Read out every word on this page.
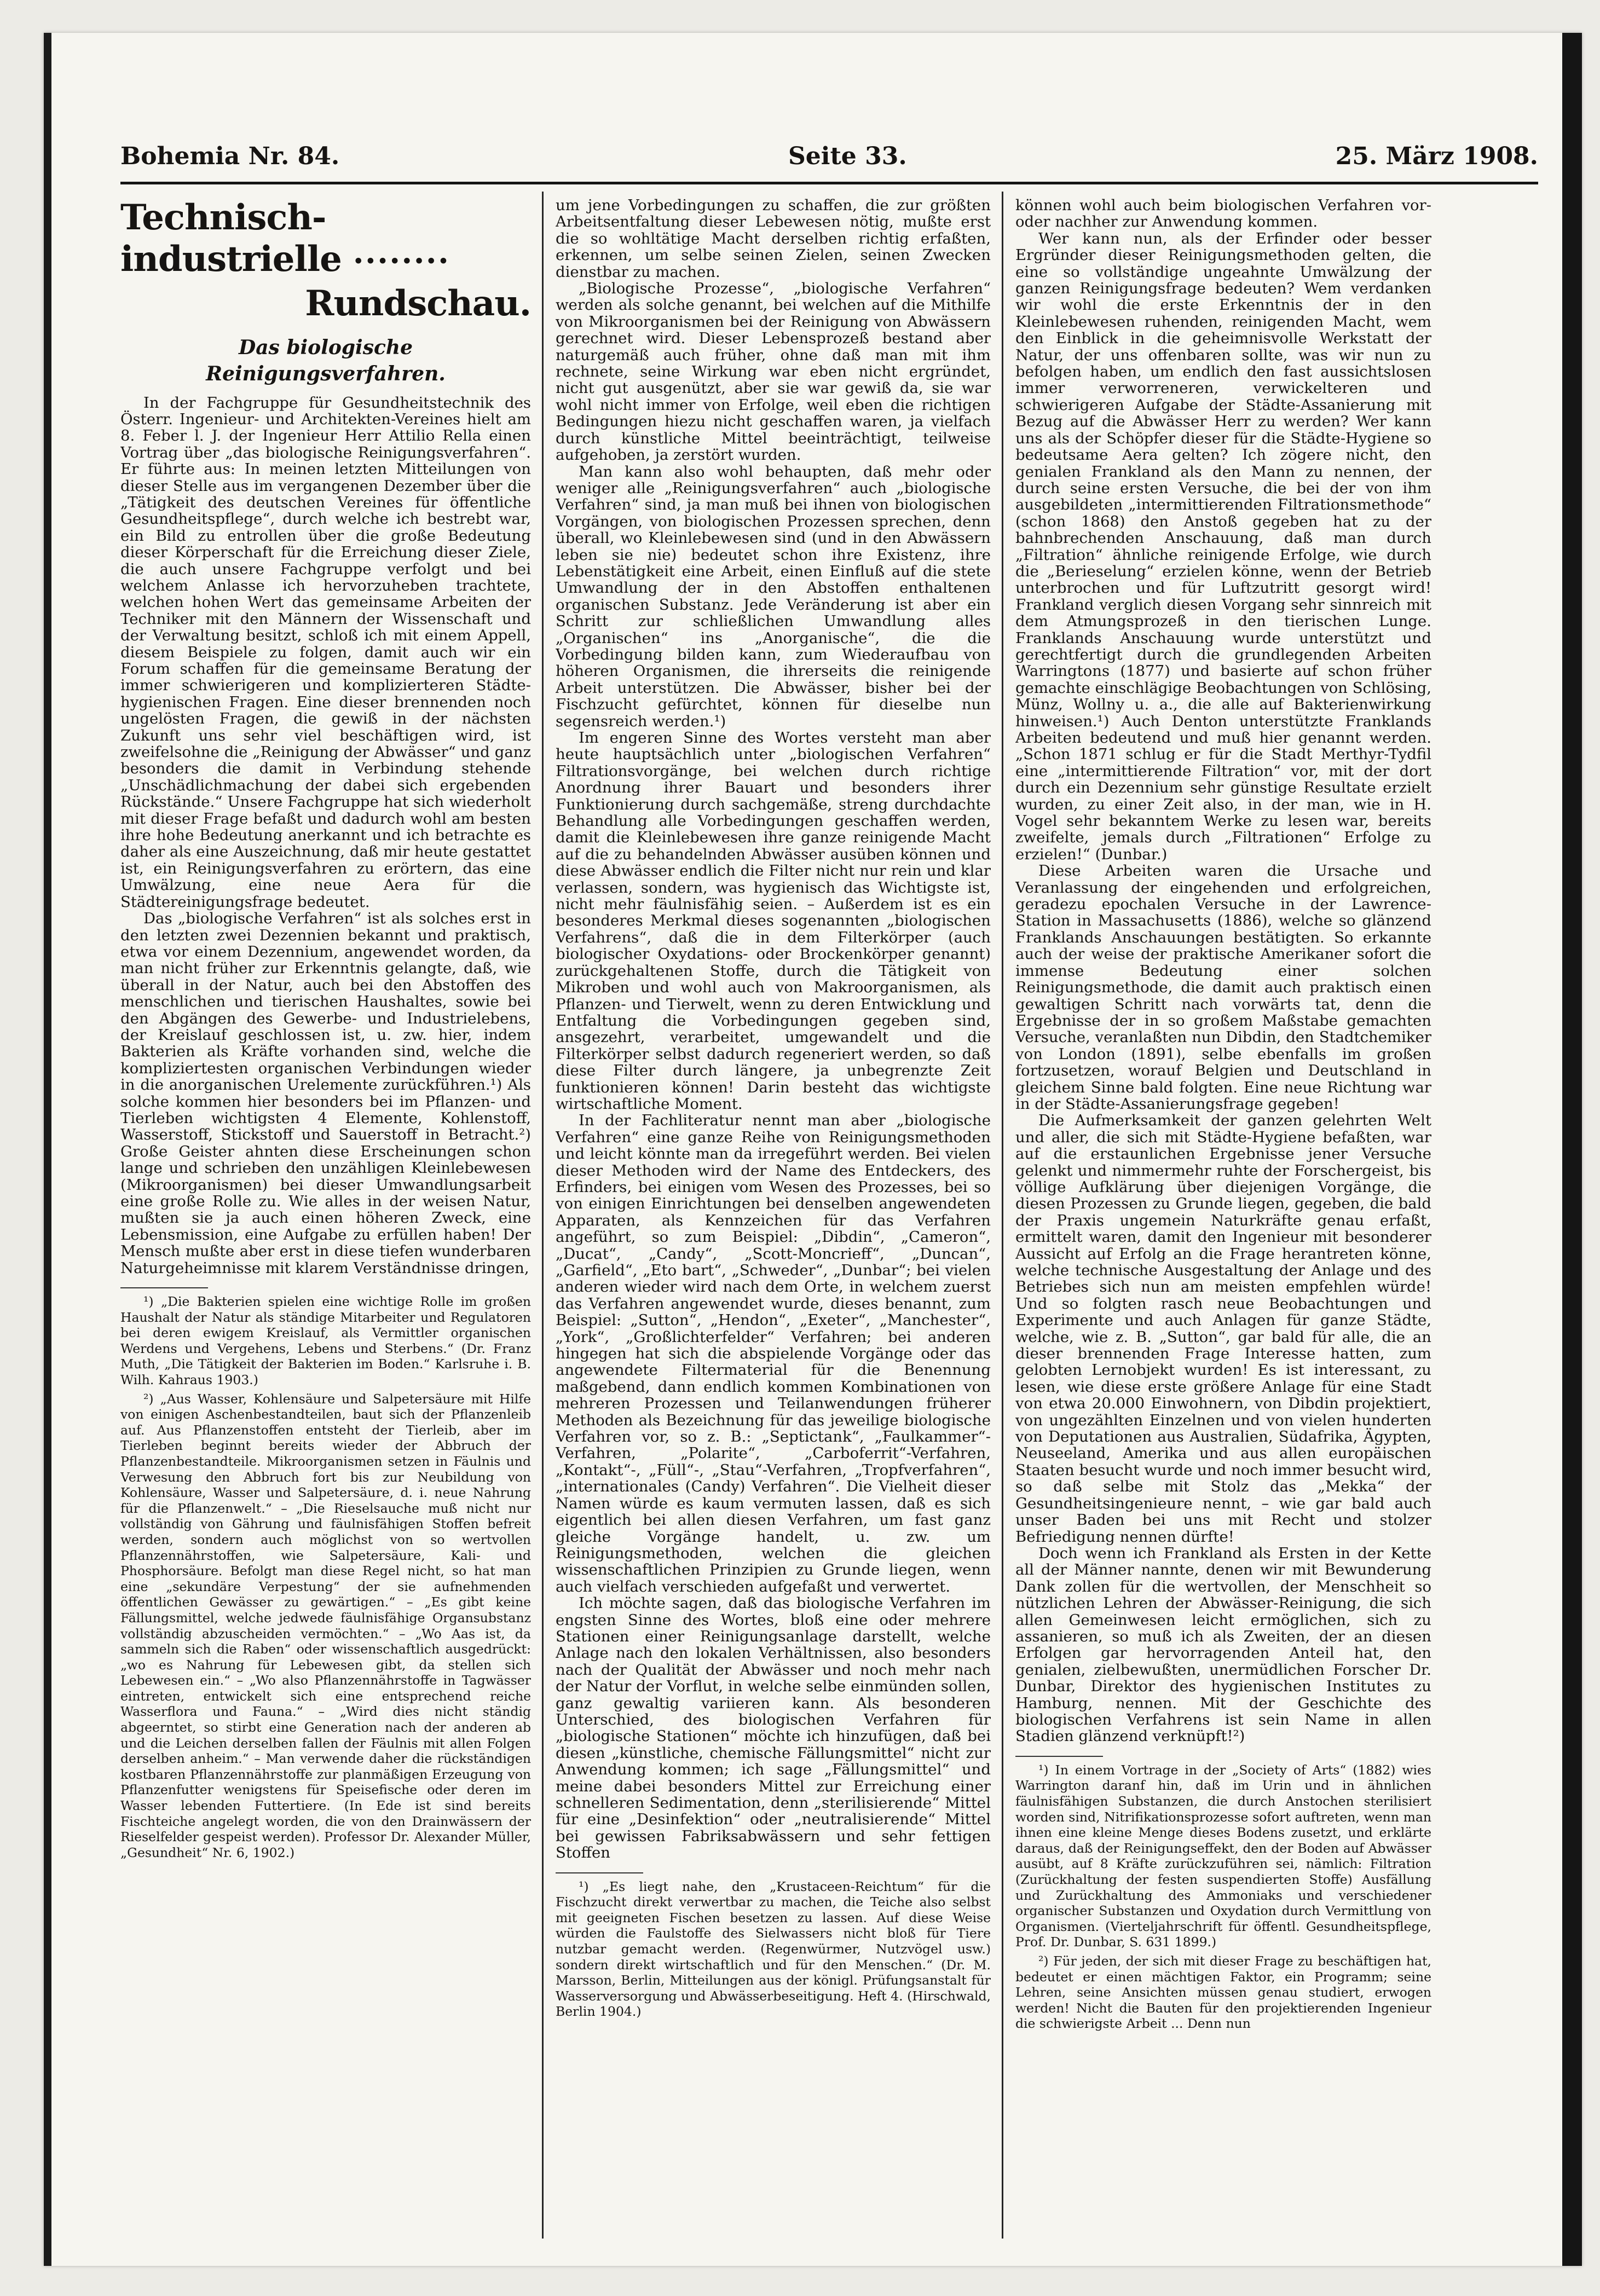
Bohemia Nr. 84.	Seite 33.	25. März 1908.
Technisch-industrielle ••••••••

Rundschau.
Das biologische Reinigungsverfahren.

In der Fachgruppe für Gesundheitstechnik des Österr. Ingenieur- und Architekten-Vereines hielt am 8. Feber l. J. der Ingenieur Herr Attilio Rella einen Vortrag über „das biologische Reinigungsverfahren“. Er führte aus: In meinen letzten Mitteilungen von dieser Stelle aus im vergangenen Dezember über die „Tätigkeit des deutschen Vereines für öffentliche Gesundheitspflege“, durch welche ich bestrebt war, ein Bild zu entrollen über die große Bedeutung dieser Körperschaft für die Erreichung dieser Ziele, die auch unsere Fachgruppe verfolgt und bei welchem Anlasse ich hervorzuheben trachtete, welchen hohen Wert das gemeinsame Arbeiten der Techniker mit den Männern der Wissenschaft und der Verwaltung besitzt, schloß ich mit einem Appell, diesem Beispiele zu folgen, damit auch wir ein Forum schaffen für die gemeinsame Beratung der immer schwierigeren und komplizierteren Städte-hygienischen Fragen. Eine dieser brennenden noch ungelösten Fragen, die gewiß in der nächsten Zukunft uns sehr viel beschäftigen wird, ist zweifelsohne die „Reinigung der Abwässer“ und ganz besonders die damit in Verbindung stehende „Unschädlichmachung der dabei sich ergebenden Rückstände.“ Unsere Fachgruppe hat sich wiederholt mit dieser Frage befaßt und dadurch wohl am besten ihre hohe Bedeutung anerkannt und ich betrachte es daher als eine Auszeichnung, daß mir heute gestattet ist, ein Reinigungsverfahren zu erörtern, das eine Umwälzung, eine neue Aera für die Städtereinigungsfrage bedeutet.

Das „biologische Verfahren“ ist als solches erst in den letzten zwei Dezennien bekannt und praktisch, etwa vor einem Dezennium, angewendet worden, da man nicht früher zur Erkenntnis gelangte, daß, wie überall in der Natur, auch bei den Abstoffen des menschlichen und tierischen Haushaltes, sowie bei den Abgängen des Gewerbe- und Industrielebens, der Kreislauf geschlossen ist, u. zw. hier, indem Bakterien als Kräfte vorhanden sind, welche die kompliziertesten organischen Verbindungen wieder in die anorganischen Urelemente zurückführen.¹) Als solche kommen hier besonders bei im Pflanzen- und Tierleben wichtigsten 4 Elemente, Kohlenstoff, Wasserstoff, Stickstoff und Sauerstoff in Betracht.²) Große Geister ahnten diese Erscheinungen schon lange und schrieben den unzähligen Kleinlebewesen (Mikroorganismen) bei dieser Umwandlungsarbeit eine große Rolle zu. Wie alles in der weisen Natur, mußten sie ja auch einen höheren Zweck, eine Lebensmission, eine Aufgabe zu erfüllen haben! Der Mensch mußte aber erst in diese tiefen wunderbaren Naturgeheimnisse mit klarem Verständnisse dringen,

¹) „Die Bakterien spielen eine wichtige Rolle im großen Haushalt der Natur als ständige Mitarbeiter und Regulatoren bei deren ewigem Kreislauf, als Vermittler organischen Werdens und Vergehens, Lebens und Sterbens.“ (Dr. Franz Muth, „Die Tätigkeit der Bakterien im Boden.“ Karlsruhe i. B. Wilh. Kahraus 1903.)

²) „Aus Wasser, Kohlensäure und Salpetersäure mit Hilfe von einigen Aschenbestandteilen, baut sich der Pflanzenleib auf. Aus Pflanzenstoffen entsteht der Tierleib, aber im Tierleben beginnt bereits wieder der Abbruch der Pflanzenbestandteile. Mikroorganismen setzen in Fäulnis und Verwesung den Abbruch fort bis zur Neubildung von Kohlensäure, Wasser und Salpetersäure, d. i. neue Nahrung für die Pflanzenwelt.“ – „Die Rieselsauche muß nicht nur vollständig von Gährung und fäulnisfähigen Stoffen befreit werden, sondern auch möglichst von so wertvollen Pflanzennährstoffen, wie Salpetersäure, Kali- und Phosphorsäure. Befolgt man diese Regel nicht, so hat man eine „sekundäre Verpestung“ der sie aufnehmenden öffentlichen Gewässer zu gewärtigen.“ – „Es gibt keine Fällungsmittel, welche jedwede fäulnisfähige Organsubstanz vollständig abzuscheiden vermöchten.“ – „Wo Aas ist, da sammeln sich die Raben“ oder wissenschaftlich ausgedrückt: „wo es Nahrung für Lebewesen gibt, da stellen sich Lebewesen ein.“ – „Wo also Pflanzennährstoffe in Tagwässer eintreten, entwickelt sich eine entsprechend reiche Wasserflora und Fauna.“ – „Wird dies nicht ständig abgeerntet, so stirbt eine Generation nach der anderen ab und die Leichen derselben fallen der Fäulnis mit allen Folgen derselben anheim.“ – Man verwende daher die rückständigen kostbaren Pflanzennährstoffe zur planmäßigen Erzeugung von Pflanzenfutter wenigstens für Speisefische oder deren im Wasser lebenden Futtertiere. (In Ede ist sind bereits Fischteiche angelegt worden, die von den Drainwässern der Rieselfelder gespeist werden). Professor Dr. Alexander Müller, „Gesundheit“ Nr. 6, 1902.)

um jene Vorbedingungen zu schaffen, die zur größten Arbeitsentfaltung dieser Lebewesen nötig, mußte erst die so wohltätige Macht derselben richtig erfaßten, erkennen, um selbe seinen Zielen, seinen Zwecken dienstbar zu machen.

„Biologische Prozesse“, „biologische Verfahren“ werden als solche genannt, bei welchen auf die Mithilfe von Mikroorganismen bei der Reinigung von Abwässern gerechnet wird. Dieser Lebensprozeß bestand aber naturgemäß auch früher, ohne daß man mit ihm rechnete, seine Wirkung war eben nicht ergründet, nicht gut ausgenützt, aber sie war gewiß da, sie war wohl nicht immer von Erfolge, weil eben die richtigen Bedingungen hiezu nicht geschaffen waren, ja vielfach durch künstliche Mittel beeinträchtigt, teilweise aufgehoben, ja zerstört wurden.

Man kann also wohl behaupten, daß mehr oder weniger alle „Reinigungsverfahren“ auch „biologische Verfahren“ sind, ja man muß bei ihnen von biologischen Vorgängen, von biologischen Prozessen sprechen, denn überall, wo Kleinlebewesen sind (und in den Abwässern leben sie nie) bedeutet schon ihre Existenz, ihre Lebenstätigkeit eine Arbeit, einen Einfluß auf die stete Umwandlung der in den Abstoffen enthaltenen organischen Substanz. Jede Veränderung ist aber ein Schritt zur schließlichen Umwandlung alles „Organischen“ ins „Anorganische“, die die Vorbedingung bilden kann, zum Wiederaufbau von höheren Organismen, die ihrerseits die reinigende Arbeit unterstützen. Die Abwässer, bisher bei der Fischzucht gefürchtet, können für dieselbe nun segensreich werden.¹)

Im engeren Sinne des Wortes versteht man aber heute hauptsächlich unter „biologischen Verfahren“ Filtrationsvorgänge, bei welchen durch richtige Anordnung ihrer Bauart und besonders ihrer Funktionierung durch sachgemäße, streng durchdachte Behandlung alle Vorbedingungen geschaffen werden, damit die Kleinlebewesen ihre ganze reinigende Macht auf die zu behandelnden Abwässer ausüben können und diese Abwässer endlich die Filter nicht nur rein und klar verlassen, sondern, was hygienisch das Wichtigste ist, nicht mehr fäulnisfähig seien. – Außerdem ist es ein besonderes Merkmal dieses sogenannten „biologischen Verfahrens“, daß die in dem Filterkörper (auch biologischer Oxydations- oder Brockenkörper genannt) zurückgehaltenen Stoffe, durch die Tätigkeit von Mikroben und wohl auch von Makroorganismen, als Pflanzen- und Tierwelt, wenn zu deren Entwicklung und Entfaltung die Vorbedingungen gegeben sind, ansgezehrt, verarbeitet, umgewandelt und die Filterkörper selbst dadurch regeneriert werden, so daß diese Filter durch längere, ja unbegrenzte Zeit funktionieren können! Darin besteht das wichtigste wirtschaftliche Moment.

In der Fachliteratur nennt man aber „biologische Verfahren“ eine ganze Reihe von Reinigungsmethoden und leicht könnte man da irregeführt werden. Bei vielen dieser Methoden wird der Name des Entdeckers, des Erfinders, bei einigen vom Wesen des Prozesses, bei so von einigen Einrichtungen bei denselben angewendeten Apparaten, als Kennzeichen für das Verfahren angeführt, so zum Beispiel: „Dibdin“, „Cameron“, „Ducat“, „Candy“, „Scott-Moncrieff“, „Duncan“, „Garfield“, „Eto bart“, „Schweder“, „Dunbar“; bei vielen anderen wieder wird nach dem Orte, in welchem zuerst das Verfahren angewendet wurde, dieses benannt, zum Beispiel: „Sutton“, „Hendon“, „Exeter“, „Manchester“, „York“, „Großlichterfelder“ Verfahren; bei anderen hingegen hat sich die abspielende Vorgänge oder das angewendete Filtermaterial für die Benennung maßgebend, dann endlich kommen Kombinationen von mehreren Prozessen und Teilanwendungen früherer Methoden als Bezeichnung für das jeweilige biologische Verfahren vor, so z. B.: „Septictank“, „Faulkammer“-Verfahren, „Polarite“, „Carboferrit“-Verfahren, „Kontakt“-, „Füll“-, „Stau“-Verfahren, „Tropfverfahren“, „internationales (Candy) Verfahren“. Die Vielheit dieser Namen würde es kaum vermuten lassen, daß es sich eigentlich bei allen diesen Verfahren, um fast ganz gleiche Vorgänge handelt, u. zw. um Reinigungsmethoden, welchen die gleichen wissenschaftlichen Prinzipien zu Grunde liegen, wenn auch vielfach verschieden aufgefaßt und verwertet.

Ich möchte sagen, daß das biologische Verfahren im engsten Sinne des Wortes, bloß eine oder mehrere Stationen einer Reinigungsanlage darstellt, welche Anlage nach den lokalen Verhältnissen, also besonders nach der Qualität der Abwässer und noch mehr nach der Natur der Vorflut, in welche selbe einmünden sollen, ganz gewaltig variieren kann. Als besonderen Unterschied, des biologischen Verfahren für „biologische Stationen“ möchte ich hinzufügen, daß bei diesen „künstliche, chemische Fällungsmittel“ nicht zur Anwendung kommen; ich sage „Fällungsmittel“ und meine dabei besonders Mittel zur Erreichung einer schnelleren Sedimentation, denn „sterilisierende“ Mittel für eine „Desinfektion“ oder „neutralisierende“ Mittel bei gewissen Fabriksabwässern und sehr fettigen Stoffen

¹) „Es liegt nahe, den „Krustaceen-Reichtum“ für die Fischzucht direkt verwertbar zu machen, die Teiche also selbst mit geeigneten Fischen besetzen zu lassen. Auf diese Weise würden die Faulstoffe des Sielwassers nicht bloß für Tiere nutzbar gemacht werden. (Regenwürmer, Nutzvögel usw.) sondern direkt wirtschaftlich und für den Menschen.“ (Dr. M. Marsson, Berlin, Mitteilungen aus der königl. Prüfungsanstalt für Wasserversorgung und Abwässerbeseitigung. Heft 4. (Hirschwald, Berlin 1904.)

können wohl auch beim biologischen Verfahren vor- oder nachher zur Anwendung kommen.

Wer kann nun, als der Erfinder oder besser Ergründer dieser Reinigungsmethoden gelten, die eine so vollständige ungeahnte Umwälzung der ganzen Reinigungsfrage bedeuten? Wem verdanken wir wohl die erste Erkenntnis der in den Kleinlebewesen ruhenden, reinigenden Macht, wem den Einblick in die geheimnisvolle Werkstatt der Natur, der uns offenbaren sollte, was wir nun zu befolgen haben, um endlich den fast aussichtslosen immer verworreneren, verwickelteren und schwierigeren Aufgabe der Städte-Assanierung mit Bezug auf die Abwässer Herr zu werden? Wer kann uns als der Schöpfer dieser für die Städte-Hygiene so bedeutsame Aera gelten? Ich zögere nicht, den genialen Frankland als den Mann zu nennen, der durch seine ersten Versuche, die bei der von ihm ausgebildeten „intermittierenden Filtrationsmethode“ (schon 1868) den Anstoß gegeben hat zu der bahnbrechenden Anschauung, daß man durch „Filtration“ ähnliche reinigende Erfolge, wie durch die „Berieselung“ erzielen könne, wenn der Betrieb unterbrochen und für Luftzutritt gesorgt wird! Frankland verglich diesen Vorgang sehr sinnreich mit dem Atmungsprozeß in den tierischen Lunge. Franklands Anschauung wurde unterstützt und gerechtfertigt durch die grundlegenden Arbeiten Warringtons (1877) und basierte auf schon früher gemachte einschlägige Beobachtungen von Schlösing, Münz, Wollny u. a., die alle auf Bakterienwirkung hinweisen.¹) Auch Denton unterstützte Franklands Arbeiten bedeutend und muß hier genannt werden. „Schon 1871 schlug er für die Stadt Merthyr-Tydfil eine „intermittierende Filtration“ vor, mit der dort durch ein Dezennium sehr günstige Resultate erzielt wurden, zu einer Zeit also, in der man, wie in H. Vogel sehr bekanntem Werke zu lesen war, bereits zweifelte, jemals durch „Filtrationen“ Erfolge zu erzielen!“ (Dunbar.)

Diese Arbeiten waren die Ursache und Veranlassung der eingehenden und erfolgreichen, geradezu epochalen Versuche in der Lawrence-Station in Massachusetts (1886), welche so glänzend Franklands Anschauungen bestätigten. So erkannte auch der weise der praktische Amerikaner sofort die immense Bedeutung einer solchen Reinigungsmethode, die damit auch praktisch einen gewaltigen Schritt nach vorwärts tat, denn die Ergebnisse der in so großem Maßstabe gemachten Versuche, veranlaßten nun Dibdin, den Stadtchemiker von London (1891), selbe ebenfalls im großen fortzusetzen, worauf Belgien und Deutschland in gleichem Sinne bald folgten. Eine neue Richtung war in der Städte-Assanierungsfrage gegeben!

Die Aufmerksamkeit der ganzen gelehrten Welt und aller, die sich mit Städte-Hygiene befaßten, war auf die erstaunlichen Ergebnisse jener Versuche gelenkt und nimmermehr ruhte der Forschergeist, bis völlige Aufklärung über diejenigen Vorgänge, die diesen Prozessen zu Grunde liegen, gegeben, die bald der Praxis ungemein Naturkräfte genau erfaßt, ermittelt waren, damit den Ingenieur mit besonderer Aussicht auf Erfolg an die Frage herantreten könne, welche technische Ausgestaltung der Anlage und des Betriebes sich nun am meisten empfehlen würde! Und so folgten rasch neue Beobachtungen und Experimente und auch Anlagen für ganze Städte, welche, wie z. B. „Sutton“, gar bald für alle, die an dieser brennenden Frage Interesse hatten, zum gelobten Lernobjekt wurden! Es ist interessant, zu lesen, wie diese erste größere Anlage für eine Stadt von etwa 20.000 Einwohnern, von Dibdin projektiert, von ungezählten Einzelnen und von vielen hunderten von Deputationen aus Australien, Südafrika, Ägypten, Neuseeland, Amerika und aus allen europäischen Staaten besucht wurde und noch immer besucht wird, so daß selbe mit Stolz das „Mekka“ der Gesundheitsingenieure nennt, – wie gar bald auch unser Baden bei uns mit Recht und stolzer Befriedigung nennen dürfte!

Doch wenn ich Frankland als Ersten in der Kette all der Männer nannte, denen wir mit Bewunderung Dank zollen für die wertvollen, der Menschheit so nützlichen Lehren der Abwässer-Reinigung, die sich allen Gemeinwesen leicht ermöglichen, sich zu assanieren, so muß ich als Zweiten, der an diesen Erfolgen gar hervorragenden Anteil hat, den genialen, zielbewußten, unermüdlichen Forscher Dr. Dunbar, Direktor des hygienischen Institutes zu Hamburg, nennen. Mit der Geschichte des biologischen Verfahrens ist sein Name in allen Stadien glänzend verknüpft!²)

¹) In einem Vortrage in der „Society of Arts“ (1882) wies Warrington daranf hin, daß im Urin und in ähnlichen fäulnisfähigen Substanzen, die durch Anstochen sterilisiert worden sind, Nitrifikationsprozesse sofort auftreten, wenn man ihnen eine kleine Menge dieses Bodens zusetzt, und erklärte daraus, daß der Reinigungseffekt, den der Boden auf Abwässer ausübt, auf 8 Kräfte zurückzuführen sei, nämlich: Filtration (Zurückhaltung der festen suspendierten Stoffe) Ausfällung und Zurückhaltung des Ammoniaks und verschiedener organischer Substanzen und Oxydation durch Vermittlung von Organismen. (Vierteljahrschrift für öffentl. Gesundheitspflege, Prof. Dr. Dunbar, S. 631 1899.)

²) Für jeden, der sich mit dieser Frage zu beschäftigen hat, bedeutet er einen mächtigen Faktor, ein Programm; seine Lehren, seine Ansichten müssen genau studiert, erwogen werden! Nicht die Bauten für den projektierenden Ingenieur die schwierigste Arbeit ... Denn nun
